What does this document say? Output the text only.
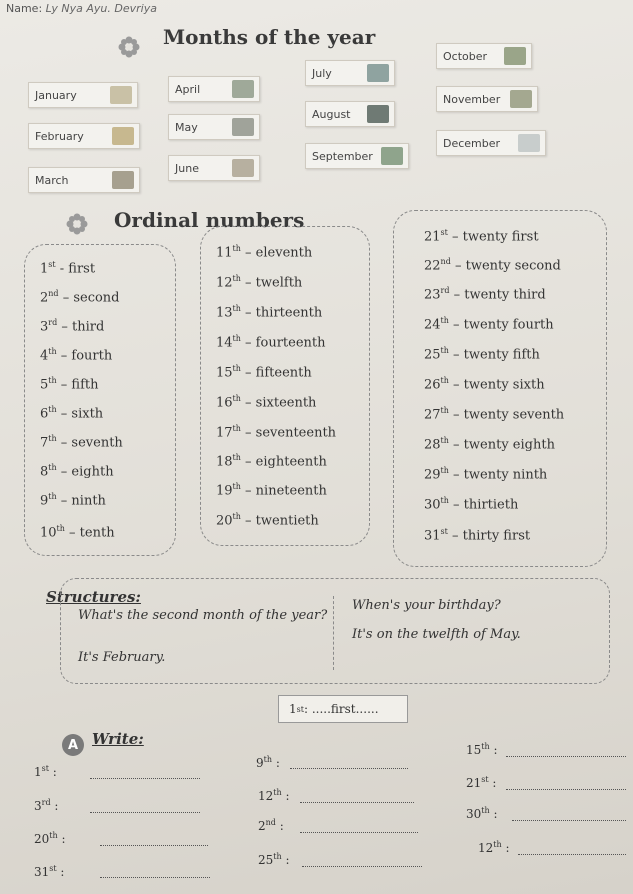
Name: Ly Nya Ayu. Devriya
Months of the year
January
February
March
April
May
June
July
August
September
October
November
December
Ordinal numbers
1st - first
2nd – second
3rd – third
4th – fourth
5th – fifth
6th – sixth
7th – seventh
8th – eighth
9th – ninth
10th – tenth
11th – eleventh
12th – twelfth
13th – thirteenth
14th – fourteenth
15th – fifteenth
16th – sixteenth
17th – seventeenth
18th – eighteenth
19th – nineteenth
20th – twentieth
21st – twenty first
22nd – twenty second
23rd – twenty third
24th – twenty fourth
25th – twenty fifth
26th – twenty sixth
27th – twenty seventh
28th – twenty eighth
29th – twenty ninth
30th – thirtieth
31st – thirty first
Structures:
What's the second month of the year?
It's February.
When's your birthday?
It's on the twelfth of May.
A Write:
1 st : .....first......
1st :
3rd :
20th :
31st :
9th :
12th :
2nd :
25th :
15th :
21st :
30th :
12th :
